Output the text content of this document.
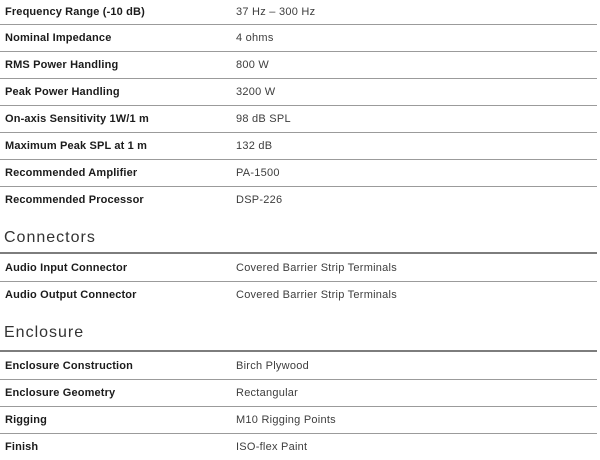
Frequency Range (-10 dB)	37 Hz – 300 Hz
Nominal Impedance	4 ohms
RMS Power Handling	800 W
Peak Power Handling	3200 W
On-axis Sensitivity 1W/1 m	98 dB SPL
Maximum Peak SPL at 1 m	132 dB
Recommended Amplifier	PA-1500
Recommended Processor	DSP-226
Connectors
Audio Input Connector	Covered Barrier Strip Terminals
Audio Output Connector	Covered Barrier Strip Terminals
Enclosure
Enclosure Construction	Birch Plywood
Enclosure Geometry	Rectangular
Rigging	M10 Rigging Points
Finish	ISO-flex Paint
